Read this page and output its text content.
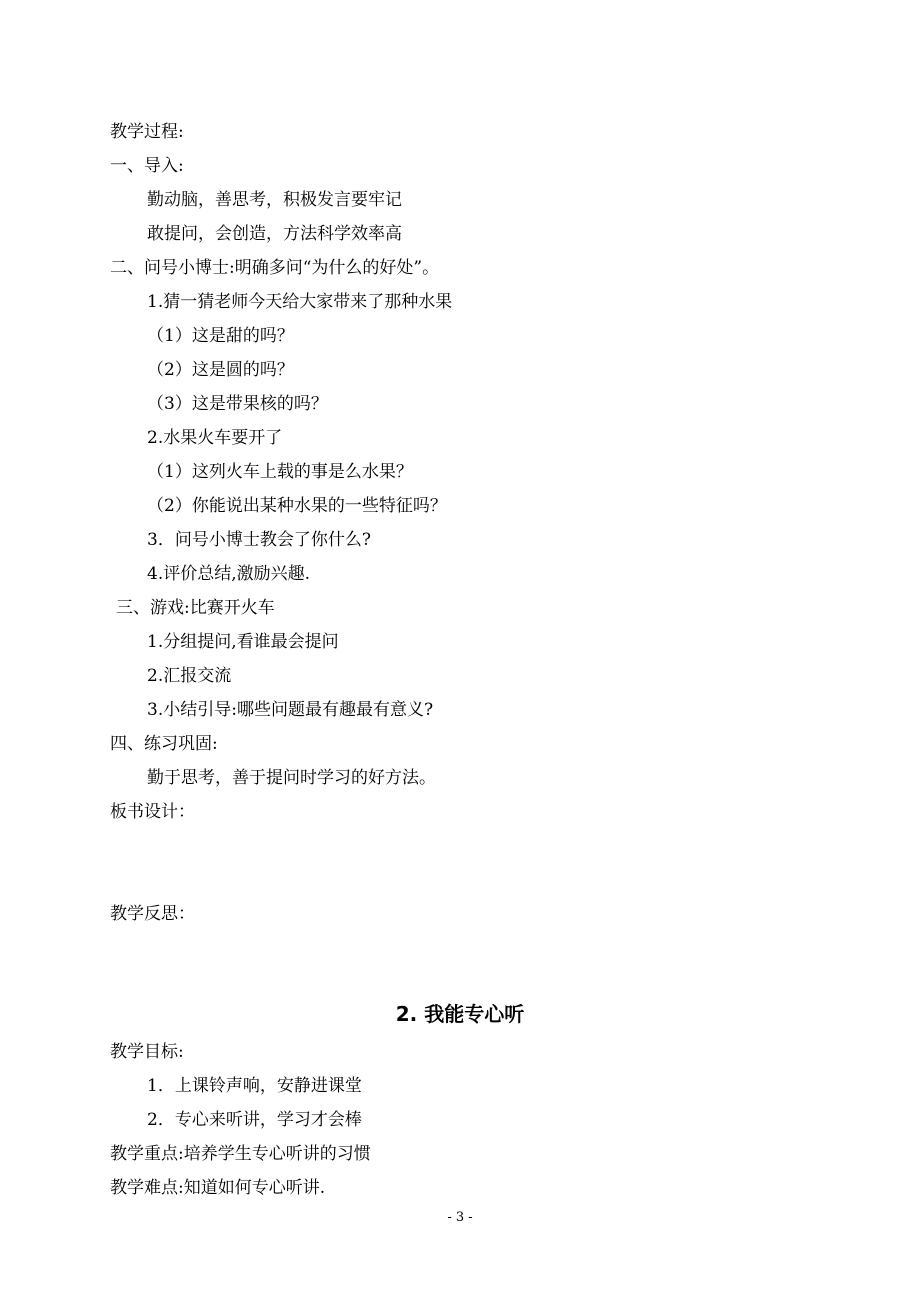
教学过程:
一、导入:
勤动脑，善思考，积极发言要牢记
敢提问，会创造，方法科学效率高
二、问号小博士:明确多问“为什么的好处”。
1.猜一猜老师今天给大家带来了那种水果
（1）这是甜的吗？
（2）这是圆的吗？
（3）这是带果核的吗？
2.水果火车要开了
（1）这列火车上载的事是么水果？
（2）你能说出某种水果的一些特征吗？
3．问号小博士教会了你什么?
4.评价总结,激励兴趣.
三、游戏:比赛开火车
1.分组提问,看谁最会提问
2.汇报交流
3.小结引导:哪些问题最有趣最有意义?
四、练习巩固:
勤于思考，善于提问时学习的好方法。
板书设计：
教学反思：
2. 我能专心听
教学目标:
1．上课铃声响，安静进课堂
2．专心来听讲，学习才会棒
教学重点:培养学生专心听讲的习惯
教学难点:知道如何专心听讲.
- 3 -
